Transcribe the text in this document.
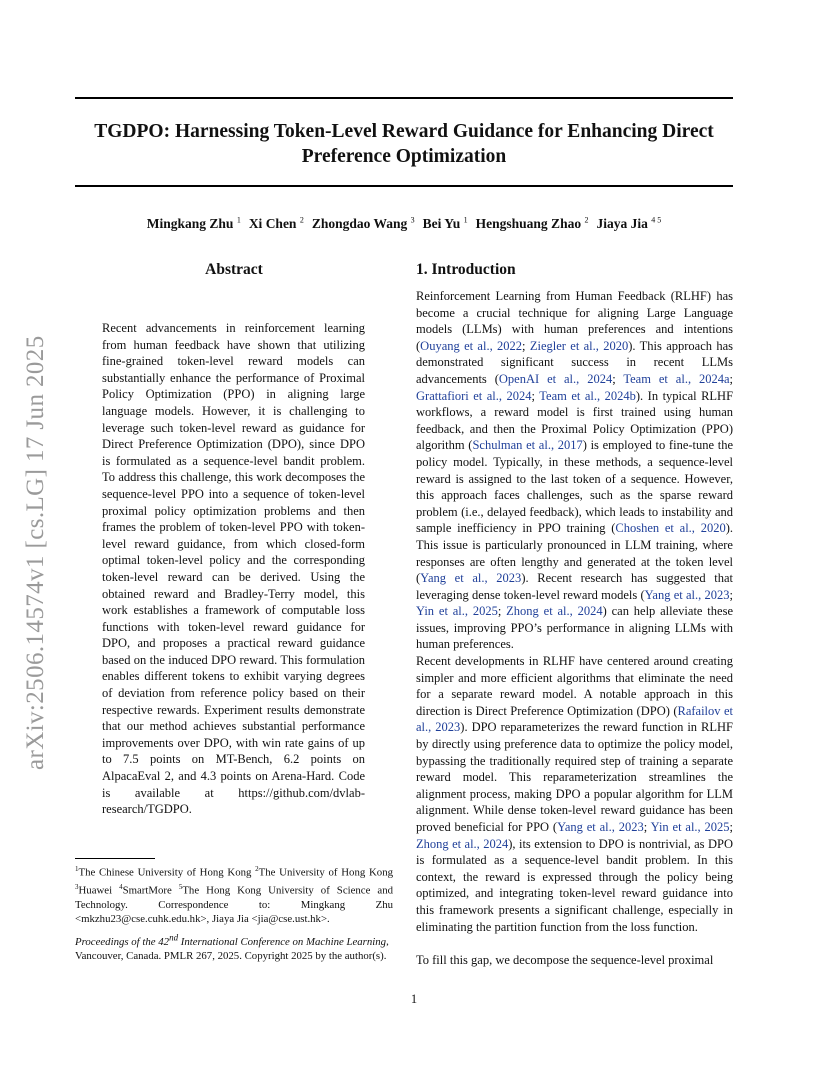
TGDPO: Harnessing Token-Level Reward Guidance for Enhancing Direct Preference Optimization
Mingkang Zhu $^1$ Xi Chen $^2$ Zhongdao Wang $^3$ Bei Yu $^1$ Hengshuang Zhao $^2$ Jiaya Jia $^{4 5}$
arXiv:2506.14574v1 [cs.LG] 17 Jun 2025
Abstract

Recent advancements in reinforcement learning from human feedback have shown that utilizing fine-grained token-level reward models can substantially enhance the performance of Proximal Policy Optimization (PPO) in aligning large language models. However, it is challenging to leverage such token-level reward as guidance for Direct Preference Optimization (DPO), since DPO is formulated as a sequence-level bandit problem. To address this challenge, this work decomposes the sequence-level PPO into a sequence of token-level proximal policy optimization problems and then frames the problem of token-level PPO with token-level reward guidance, from which closed-form optimal token-level policy and the corresponding token-level reward can be derived. Using the obtained reward and Bradley-Terry model, this work establishes a framework of computable loss functions with token-level reward guidance for DPO, and proposes a practical reward guidance based on the induced DPO reward. This formulation enables different tokens to exhibit varying degrees of deviation from reference policy based on their respective rewards. Experiment results demonstrate that our method achieves substantial performance improvements over DPO, with win rate gains of up to 7.5 points on MT-Bench, 6.2 points on AlpacaEval 2, and 4.3 points on Arena-Hard. Code is available at https://github.com/dvlab-research/TGDPO.

1. Introduction
Reinforcement Learning from Human Feedback (RLHF) has become a crucial technique for aligning Large Language models (LLMs) with human preferences and intentions (Ouyang et al., 2022; Ziegler et al., 2020). This approach has demonstrated significant success in recent LLMs advancements (OpenAI et al., 2024; Team et al., 2024a; Grattafiori et al., 2024; Team et al., 2024b). In typical RLHF workflows, a reward model is first trained using human feedback, and then the Proximal Policy Optimization (PPO) algorithm (Schulman et al., 2017) is employed to fine-tune the policy model. Typically, in these methods, a sequence-level reward is assigned to the last token of a sequence. However, this approach faces challenges, such as the sparse reward problem (i.e., delayed feedback), which leads to instability and sample inefficiency in PPO training (Choshen et al., 2020). This issue is particularly pronounced in LLM training, where responses are often lengthy and generated at the token level (Yang et al., 2023). Recent research has suggested that leveraging dense token-level reward models (Yang et al., 2023; Yin et al., 2025; Zhong et al., 2024) can help alleviate these issues, improving PPO’s performance in aligning LLMs with human preferences.
Recent developments in RLHF have centered around creating simpler and more efficient algorithms that eliminate the need for a separate reward model. A notable approach in this direction is Direct Preference Optimization (DPO) (Rafailov et al., 2023). DPO reparameterizes the reward function in RLHF by directly using preference data to optimize the policy model, bypassing the traditionally required step of training a separate reward model. This reparameterization streamlines the alignment process, making DPO a popular algorithm for LLM alignment. While dense token-level reward guidance has been proved beneficial for PPO (Yang et al., 2023; Yin et al., 2025; Zhong et al., 2024), its extension to DPO is nontrivial, as DPO is formulated as a sequence-level bandit problem. In this context, the reward is expressed through the policy being optimized, and integrating token-level reward guidance into this framework presents a significant challenge, especially in eliminating the partition function from the loss function.
To fill this gap, we decompose the sequence-level proximal
$^1$The Chinese University of Hong Kong $^2$The University of Hong Kong $^3$Huawei $^4$SmartMore $^5$The Hong Kong University of Science and Technology. Correspondence to: Mingkang Zhu <mkzhu23@cse.cuhk.edu.hk>, Jiaya Jia <jia@cse.ust.hk>.
Proceedings of the 42nd International Conference on Machine Learning, Vancouver, Canada. PMLR 267, 2025. Copyright 2025 by the author(s).
1
